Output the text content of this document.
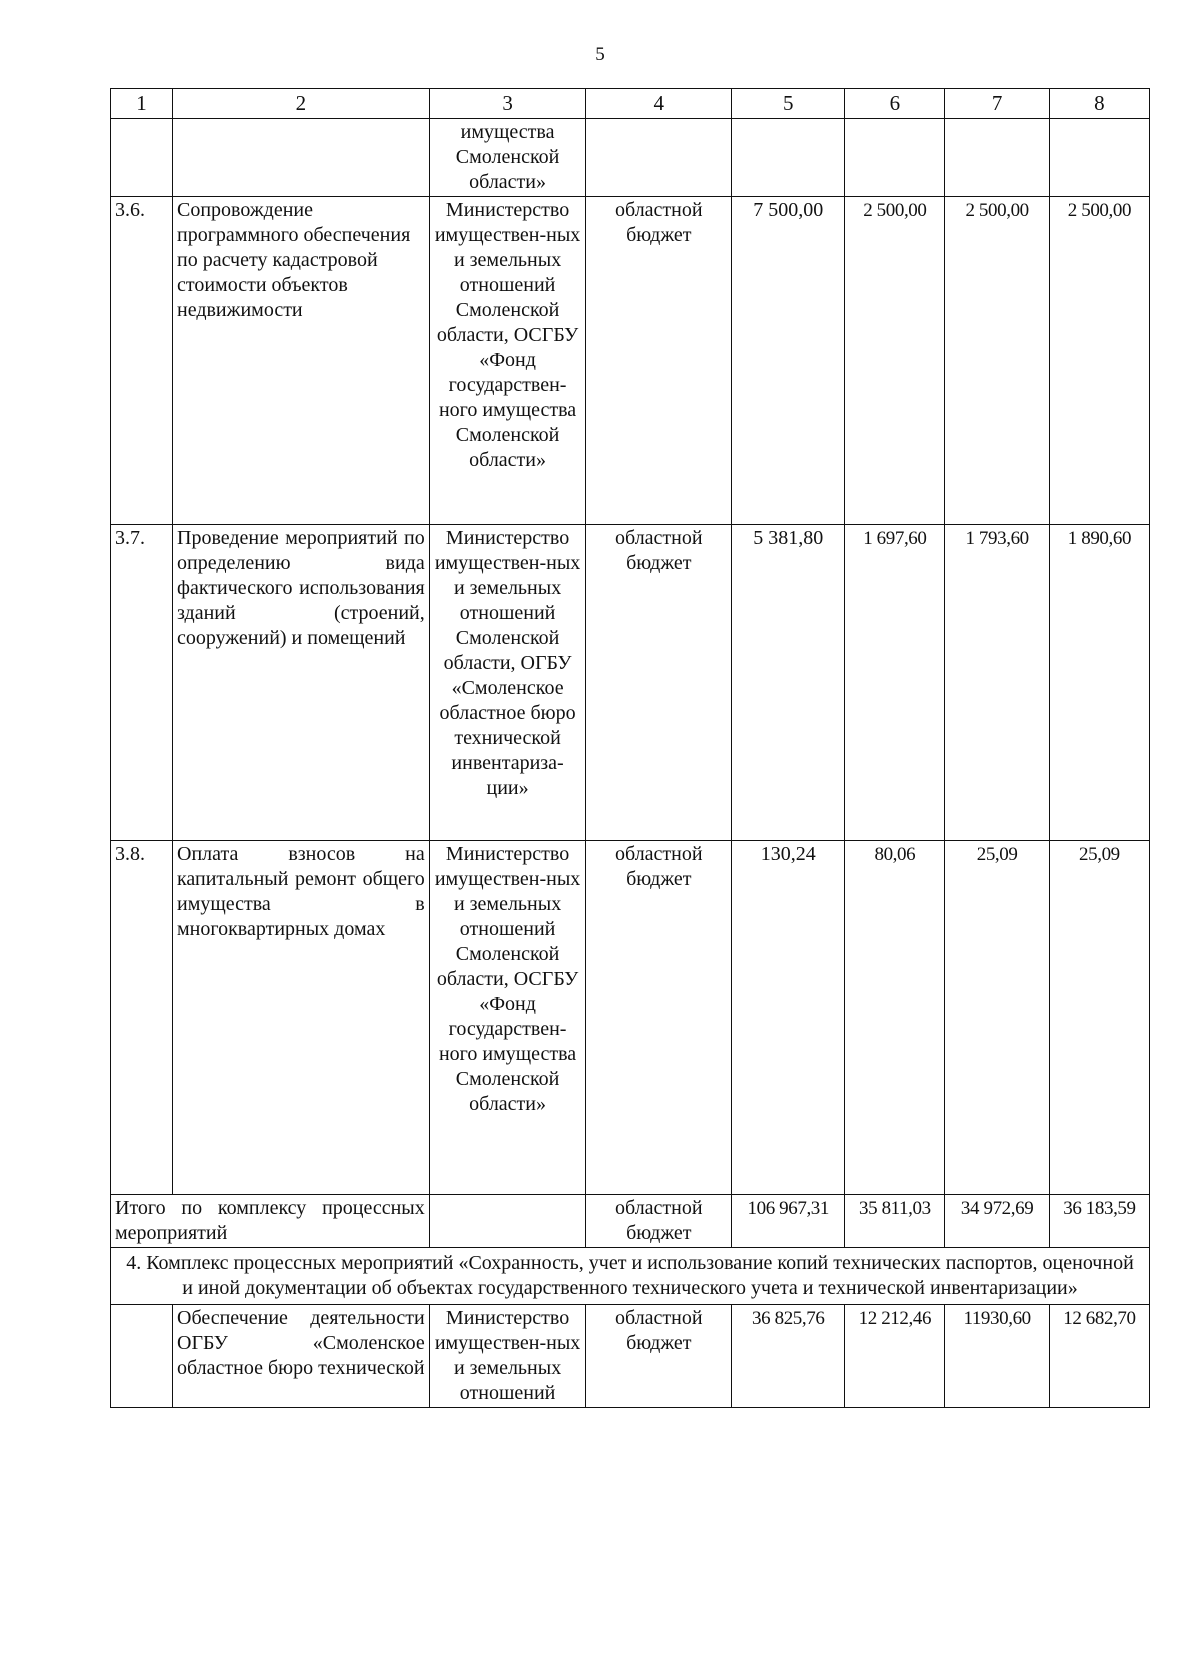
5
1	2	3	4	5	6	7	8
		имущества Смоленской области»					
3.6.	Сопровождение программного обеспечения по расчету кадастровой стоимости объектов недвижимости	Министерство имуществен-ных и земельных отношений Смоленской области, ОСГБУ «Фонд государствен-ного имущества Смоленской области»	областной бюджет	7 500,00	2 500,00	2 500,00	2 500,00
3.7.	Проведение мероприятий по определению вида фактического использования зданий (строений, сооружений) и помещений	Министерство имуществен-ных и земельных отношений Смоленской области, ОГБУ «Смоленское областное бюро технической инвентариза-ции»	областной бюджет	5 381,80	1 697,60	1 793,60	1 890,60
3.8.	Оплата взносов на капитальный ремонт общего имущества в многоквартирных домах	Министерство имуществен-ных и земельных отношений Смоленской области, ОСГБУ «Фонд государствен-ного имущества Смоленской области»	областной бюджет	130,24	80,06	25,09	25,09
Итого по комплексу процессных мероприятий			областной бюджет	106 967,31	35 811,03	34 972,69	36 183,59
4. Комплекс процессных мероприятий «Сохранность, учет и использование копий технических паспортов, оценочной и иной документации об объектах государственного технического учета и технической инвентаризации»							
	Обеспечение деятельности ОГБУ «Смоленское областное бюро технической	Министерство имуществен-ных и земельных отношений	областной бюджет	36 825,76	12 212,46	11930,60	12 682,70
